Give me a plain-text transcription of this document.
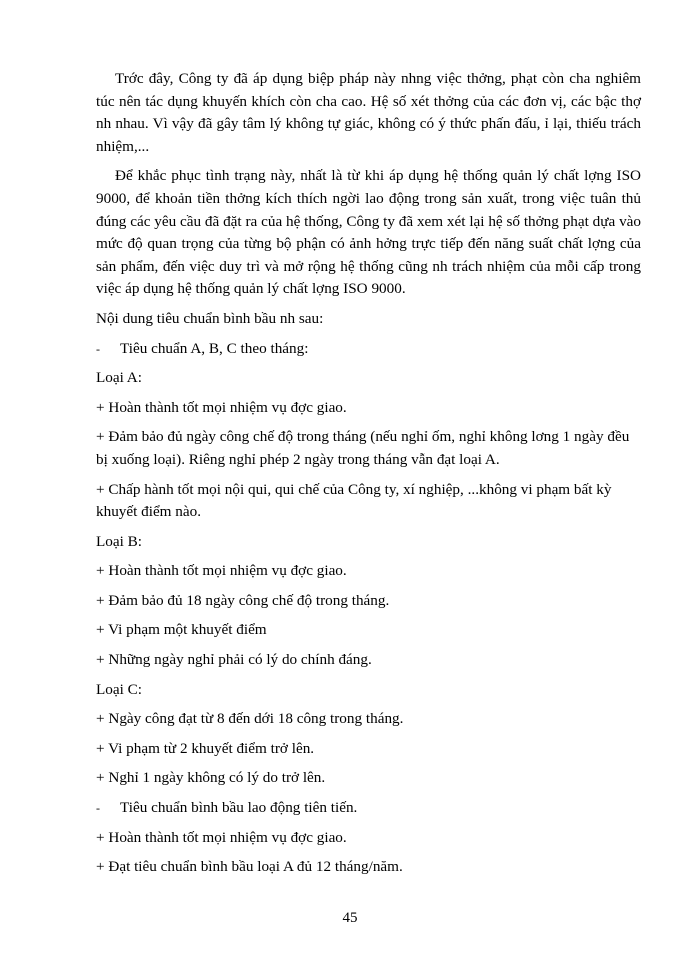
Trớc đây, Công ty đã áp dụng biệp pháp này nhng việc thởng, phạt còn cha nghiêm túc nên tác dụng khuyến khích còn cha cao. Hệ số xét thởng của các đơn vị, các bậc thợ nh nhau. Vì vậy đã gây tâm lý không tự giác, không có ý thức phấn đấu, ỉ lại, thiếu trách nhiệm,...

Để khắc phục tình trạng này, nhất là từ khi áp dụng hệ thống quản lý chất lợng ISO 9000, để khoản tiền thởng kích thích ngời lao động trong sản xuất, trong việc tuân thủ đúng các yêu cầu đã đặt ra của hệ thống, Công ty đã xem xét lại hệ số thởng phạt dựa vào mức độ quan trọng của từng bộ phận có ảnh hởng trực tiếp đến năng suất chất lợng của sản phẩm, đến việc duy trì và mở rộng hệ thống cũng nh trách nhiệm của mỗi cấp trong việc áp dụng hệ thống quản lý chất lợng ISO 9000.

Nội dung tiêu chuẩn bình bầu nh sau:

-	Tiêu chuẩn A, B, C theo tháng:

Loại A:

+ Hoàn thành tốt mọi nhiệm vụ đợc giao.

+ Đảm bảo đủ ngày công chế độ trong tháng (nếu nghỉ ốm, nghỉ không lơng 1 ngày đều bị xuống loại). Riêng nghỉ phép 2 ngày trong tháng vẫn đạt loại A.

+ Chấp hành tốt mọi nội qui, qui chế của Công ty, xí nghiệp, ...không vi phạm bất kỳ khuyết điểm nào.

Loại B:

+ Hoàn thành tốt mọi nhiệm vụ đợc giao.

+ Đảm bảo đủ 18 ngày công chế độ trong tháng.

+ Vi phạm một khuyết điểm

+ Những ngày nghỉ phải có lý do chính đáng.

Loại C:

+ Ngày công đạt từ 8 đến dới 18 công trong tháng.

+ Vi phạm từ 2 khuyết điểm trở lên.

+ Nghỉ 1 ngày không có lý do trở lên.

-	Tiêu chuẩn bình bầu lao động tiên tiến.

+ Hoàn thành tốt mọi nhiệm vụ đợc giao.

+ Đạt tiêu chuẩn bình bầu loại A đủ 12 tháng/năm.

45
